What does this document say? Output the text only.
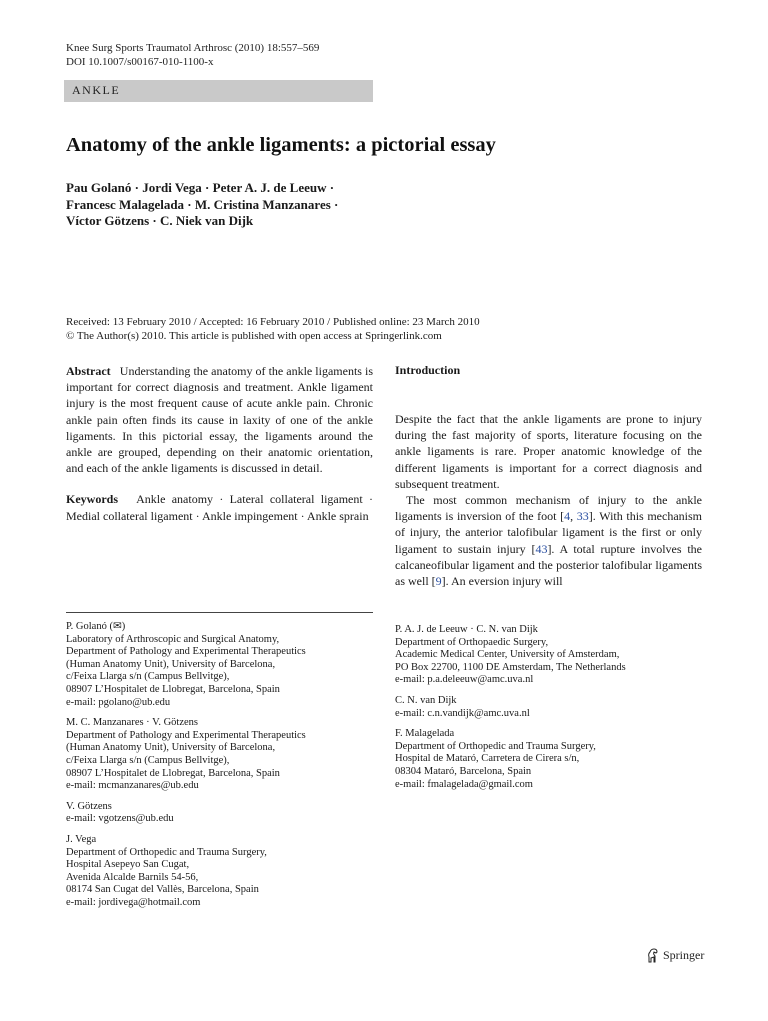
Knee Surg Sports Traumatol Arthrosc (2010) 18:557–569
DOI 10.1007/s00167-010-1100-x
ANKLE
Anatomy of the ankle ligaments: a pictorial essay
Pau Golanó · Jordi Vega · Peter A. J. de Leeuw ·
Francesc Malagelada · M. Cristina Manzanares ·
Víctor Götzens · C. Niek van Dijk
Received: 13 February 2010 / Accepted: 16 February 2010 / Published online: 23 March 2010
© The Author(s) 2010. This article is published with open access at Springerlink.com
Abstract Understanding the anatomy of the ankle ligaments is important for correct diagnosis and treatment. Ankle ligament injury is the most frequent cause of acute ankle pain. Chronic ankle pain often finds its cause in laxity of one of the ankle ligaments. In this pictorial essay, the ligaments around the ankle are grouped, depending on their anatomic orientation, and each of the ankle ligaments is discussed in detail.
Keywords Ankle anatomy · Lateral collateral ligament · Medial collateral ligament · Ankle impingement · Ankle sprain
Introduction
Despite the fact that the ankle ligaments are prone to injury during the fast majority of sports, literature focusing on the ankle ligaments is rare. Proper anatomic knowledge of the different ligaments is important for a correct diagnosis and subsequent treatment.
The most common mechanism of injury to the ankle ligaments is inversion of the foot [4, 33]. With this mechanism of injury, the anterior talofibular ligament is the first or only ligament to sustain injury [43]. A total rupture involves the calcaneofibular ligament and the posterior talofibular ligaments as well [9]. An eversion injury will
P. Golanó (✉)
Laboratory of Arthroscopic and Surgical Anatomy,
Department of Pathology and Experimental Therapeutics
(Human Anatomy Unit), University of Barcelona,
c/Feixa Llarga s/n (Campus Bellvitge),
08907 L’Hospitalet de Llobregat, Barcelona, Spain
e-mail: pgolano@ub.edu
M. C. Manzanares · V. Götzens
Department of Pathology and Experimental Therapeutics
(Human Anatomy Unit), University of Barcelona,
c/Feixa Llarga s/n (Campus Bellvitge),
08907 L’Hospitalet de Llobregat, Barcelona, Spain
e-mail: mcmanzanares@ub.edu
V. Götzens
e-mail: vgotzens@ub.edu
J. Vega
Department of Orthopedic and Trauma Surgery,
Hospital Asepeyo San Cugat,
Avenida Alcalde Barnils 54-56,
08174 San Cugat del Vallès, Barcelona, Spain
e-mail: jordivega@hotmail.com
P. A. J. de Leeuw · C. N. van Dijk
Department of Orthopaedic Surgery,
Academic Medical Center, University of Amsterdam,
PO Box 22700, 1100 DE Amsterdam, The Netherlands
e-mail: p.a.deleeuw@amc.uva.nl
C. N. van Dijk
e-mail: c.n.vandijk@amc.uva.nl
F. Malagelada
Department of Orthopedic and Trauma Surgery,
Hospital de Mataró, Carretera de Cirera s/n,
08304 Mataró, Barcelona, Spain
e-mail: fmalagelada@gmail.com
Springer
